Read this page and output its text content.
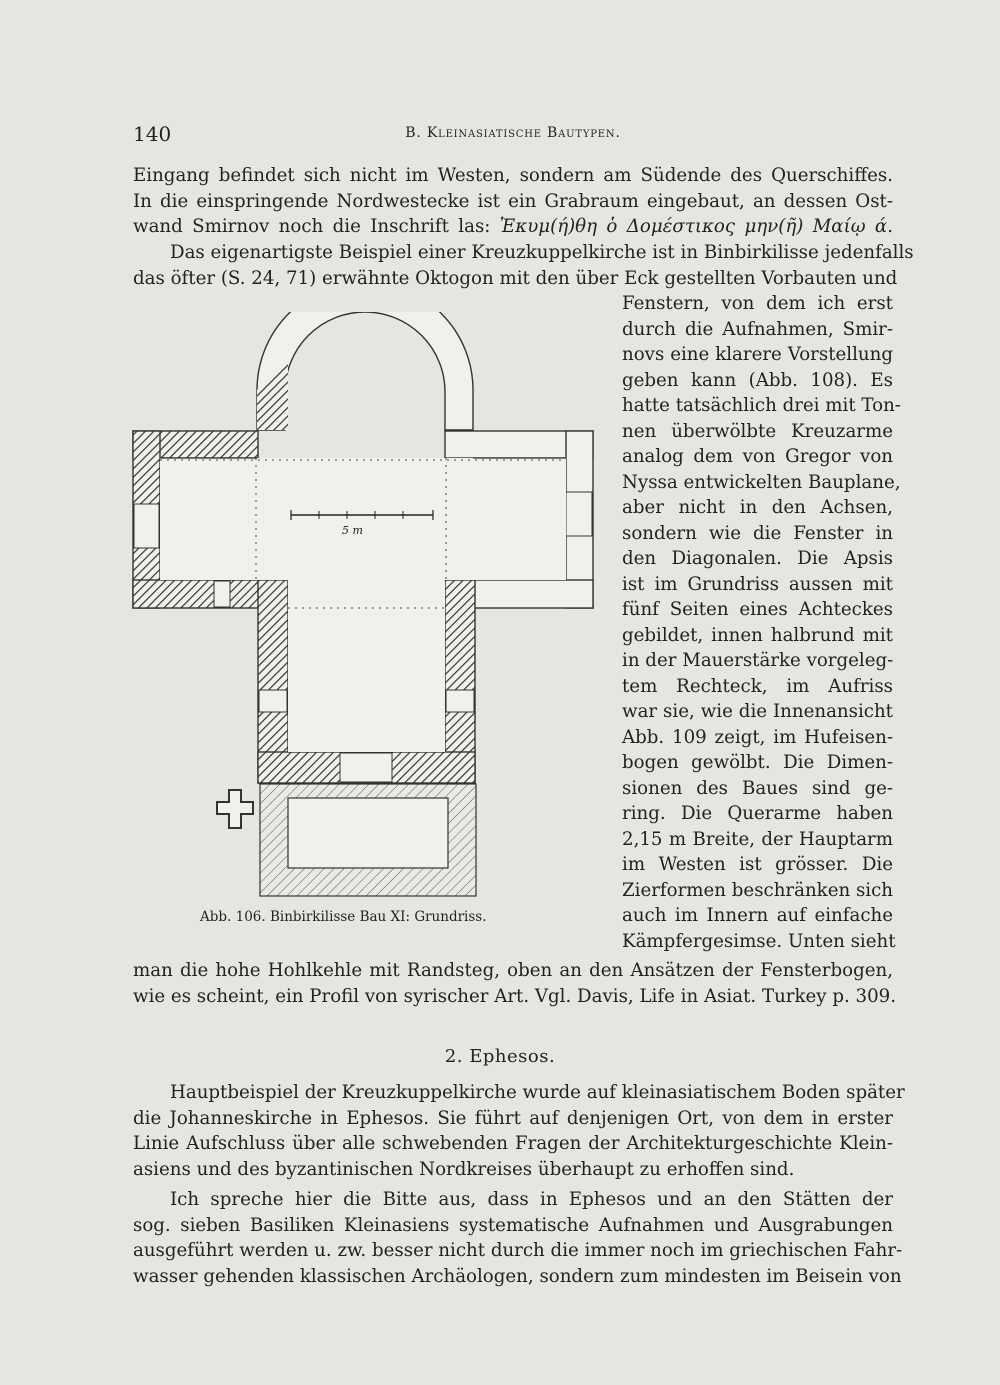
140	B. Kleinasiatische Bautypen.
Eingang befindet sich nicht im Westen, sondern am Südende des Querschiffes.
In die einspringende Nordwestecke ist ein Grabraum eingebaut, an dessen Ost-
wand Smirnov noch die Inschrift las: Ἐκυμ(ή)θη ὁ Δομέστικος μην(ῆ) Μαίῳ ά.
Das eigenartigste Beispiel einer Kreuzkuppelkirche ist in Binbirkilisse jedenfalls
das öfter (S. 24, 71) erwähnte Oktogon mit den über Eck gestellten Vorbauten und
Fenstern, von dem ich erst
durch die Aufnahmen, Smir-
novs eine klarere Vorstellung
geben kann (Abb. 108). Es
hatte tatsächlich drei mit Ton-
nen überwölbte Kreuzarme
analog dem von Gregor von
Nyssa entwickelten Bauplane,
aber nicht in den Achsen,
sondern wie die Fenster in
den Diagonalen. Die Apsis
ist im Grundriss aussen mit
fünf Seiten eines Achteckes
gebildet, innen halbrund mit
in der Mauerstärke vorgeleg-
tem Rechteck, im Aufriss
war sie, wie die Innenansicht
Abb. 109 zeigt, im Hufeisen-
bogen gewölbt. Die Dimen-
sionen des Baues sind ge-
ring. Die Querarme haben
2,15 m Breite, der Hauptarm
im Westen ist grösser. Die
Zierformen beschränken sich
auch im Innern auf einfache
Kämpfergesimse. Unten sieht
5 m
Abb. 106. Binbirkilisse Bau XI: Grundriss.
man die hohe Hohlkehle mit Randsteg, oben an den Ansätzen der Fensterbogen,
wie es scheint, ein Profil von syrischer Art. Vgl. Davis, Life in Asiat. Turkey p. 309.
2. Ephesos.
Hauptbeispiel der Kreuzkuppelkirche wurde auf kleinasiatischem Boden später
die Johanneskirche in Ephesos. Sie führt auf denjenigen Ort, von dem in erster
Linie Aufschluss über alle schwebenden Fragen der Architekturgeschichte Klein-
asiens und des byzantinischen Nordkreises überhaupt zu erhoffen sind.
Ich spreche hier die Bitte aus, dass in Ephesos und an den Stätten der
sog. sieben Basiliken Kleinasiens systematische Aufnahmen und Ausgrabungen
ausgeführt werden u. zw. besser nicht durch die immer noch im griechischen Fahr-
wasser gehenden klassischen Archäologen, sondern zum mindesten im Beisein von
